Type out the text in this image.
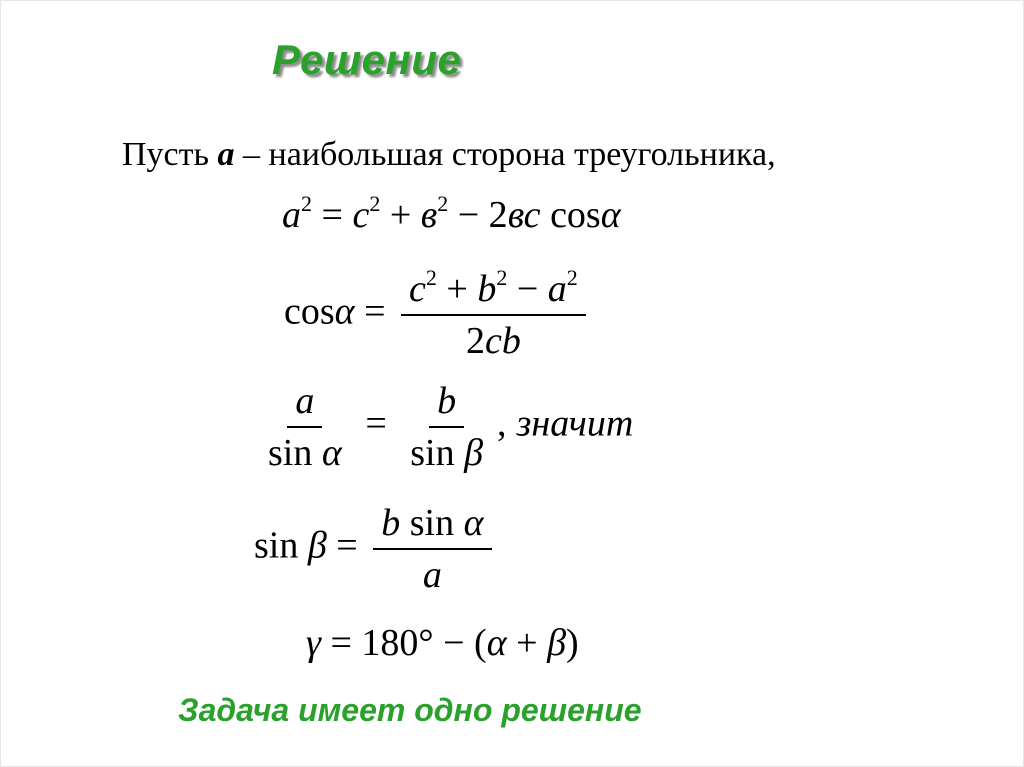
Решение
Пусть а – наибольшая сторона треугольника,
$a^2 = c^2 + в^2 - 2вс$ cosα
$\cos\alpha = \frac{c^2 + b^2 - a^2}{2cb}$
$\frac{a}{\text{sin α}} = \frac{b}{\text{sin β}}$ , значит
$\sin \beta = \frac{\text{b sin α}}{a}$
γ = 180° − (α + β)
Задача имеет одно решение
